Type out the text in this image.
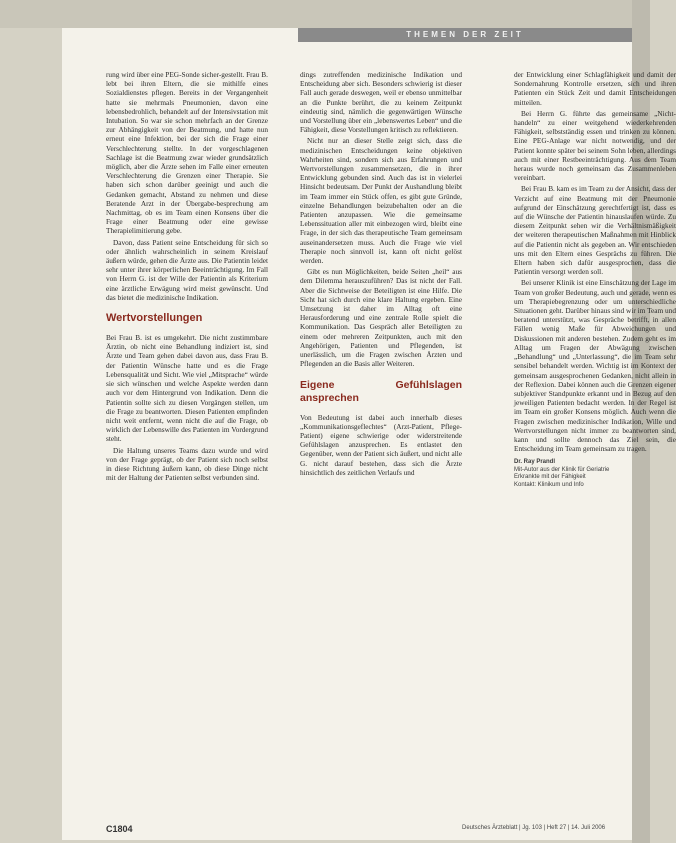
THEMEN DER ZEIT

rung wird über eine PEG-Sonde sicher-gestellt. Frau B. lebt bei ihren Eltern, die sie mithilfe eines Sozialdienstes pflegen. Bereits in der Vergangenheit hatte sie mehrmals Pneumonien, davon eine lebensbedrohlich, behandelt auf der Intensivstation mit Intubation. So war sie schon mehrfach an der Grenze zur Abhängigkeit von der Beatmung, und hatte nun erneut eine Infektion, bei der sich die Frage einer Verschlechterung stellte. In der vorgeschlagenen Sachlage ist die Beatmung zwar wieder grundsätzlich möglich, aber die Ärzte sehen im Falle einer erneuten Verschlechterung die Grenzen einer Therapie. Sie haben sich schon darüber geeinigt und auch die Gedanken gemacht, Abstand zu nehmen und diese Beratende Arzt in der Übergabe-besprechung am Nachmittag, ob es im Team einen Konsens über die Frage einer Beatmung oder eine gewisse Therapielimitierung gebe.

Davon, dass Patient seine Entscheidung für sich so oder ähnlich wahrscheinlich in seinem Kreislauf äußern würde, gehen die Ärzte aus. Die Patientin leidet sehr unter ihrer körperlichen Beeinträchtigung. Im Fall von Herrn G. ist der Wille der Patientin als Kriterium eine ärztliche Erwägung wird meist gewünscht. Und das bietet die medizinische Indikation.

Wertvorstellungen

Bei Frau B. ist es umgekehrt. Die nicht zustimmbare Ärztin, ob nicht eine Behandlung indiziert ist, sind Ärzte und Team gehen dabei davon aus, dass Frau B. der Patientin Wünsche hatte und es die Frage Lebensqualität und Sicht. Wie viel „Mitsprache“ würde sie sich wünschen und welche Aspekte werden dann auch vor dem Hintergrund von Indikation. Denn die Patientin sollte sich zu diesen Vorgängen stellen, um die Frage zu beantworten. Diesen Patienten empfinden nicht weit entfernt, wenn nicht die auf die Frage, ob wirklich der Lebenswille des Patienten im Vordergrund steht.

Die Haltung unseres Teams dazu wurde und wird von der Frage geprägt, ob der Patient sich noch selbst in diese Richtung äußern kann, ob diese Dinge nicht mit der Haltung der Patienten selbst verbunden sind.

dings zutreffenden medizinische Indikation und Entscheidung aber sich. Besonders schwierig ist dieser Fall auch gerade deswegen, weil er ebenso unmittelbar an die Punkte berührt, die zu keinem Zeitpunkt eindeutig sind, nämlich die gegenwärtigen Wünsche und Vorstellung über ein „lebenswertes Leben“ und die Fähigkeit, diese Vorstellungen kritisch zu reflektieren.

Nicht nur an dieser Stelle zeigt sich, dass die medizinischen Entscheidungen keine objektiven Wahrheiten sind, sondern sich aus Erfahrungen und Wertvorstellungen zusammensetzen, die in ihrer Entwicklung gebunden sind. Auch das ist in vielerlei Hinsicht bedeutsam. Der Punkt der Aushandlung bleibt im Team immer ein Stück offen, es gibt gute Gründe, einzelne Behandlungen beizubehalten oder an die Patienten anzupassen. Wie die gemeinsame Lebenssituation aller mit einbezogen wird, bleibt eine Frage, in der sich das therapeutische Team gemeinsam auseinandersetzen muss. Auch die Frage wie viel Therapie noch sinnvoll ist, kann oft nicht gelöst werden.

Gibt es nun Möglichkeiten, beide Seiten „heil“ aus dem Dilemma herauszuführen? Das ist nicht der Fall. Aber die Sichtweise der Beteiligten ist eine Hilfe. Die Sicht hat sich durch eine klare Haltung ergeben. Eine Umsetzung ist daher im Alltag oft eine Herausforderung und eine zentrale Rolle spielt die Kommunikation. Das Gespräch aller Beteiligten zu einem oder mehreren Zeitpunkten, auch mit den Angehörigen, Patienten und Pflegenden, ist unerlässlich, um die Fragen zwischen Ärzten und Pflegenden an die Basis aller Weiteren.

Eigene Gefühlslagen ansprechen

Von Bedeutung ist dabei auch innerhalb dieses „Kommunikationsgeflechtes“ (Arzt-Patient, Pflege-Patient) eigene schwierige oder widerstreitende Gefühlslagen anzusprechen. Es entlastet den Gegenüber, wenn der Patient sich äußert, und nicht alle G. nicht darauf bestehen, dass sich die Ärzte hinsichtlich des zeitlichen Verlaufs und

der Entwicklung einer Schlagfähigkeit und damit der Sondernahrung Kontrolle ersetzen, sich und ihren Patienten ein Stück Zeit und damit Entscheidungen mitteilen.

Bei Herrn G. führte das gemeinsame „Nicht-handeln“ zu einer weitgehend wiederkehrenden Fähigkeit, selbstständig essen und trinken zu können. Eine PEG-Anlage war nicht notwendig, und der Patient konnte später bei seinem Sohn leben, allerdings auch mit einer Restbeeinträchtigung. Aus dem Team heraus wurde noch gemeinsam das Zusammenleben vereinbart.

Bei Frau B. kam es im Team zu der Ansicht, dass der Verzicht auf eine Beatmung mit der Pneumonie aufgrund der Einschätzung gerechtfertigt ist, dass es auf die Wünsche der Patientin hinauslaufen würde. Zu diesem Zeitpunkt sehen wir die Verhältnismäßigkeit der weiteren therapeutischen Maßnahmen mit Hinblick auf die Patientin nicht als gegeben an. Wir entschieden uns mit den Eltern eines Gesprächs zu führen. Die Eltern haben sich dafür ausgesprochen, dass die Patientin versorgt werden soll.

Bei unserer Klinik ist eine Einschätzung der Lage im Team von großer Bedeutung, auch und gerade, wenn es um Therapiebegrenzung oder um unterschiedliche Situationen geht. Darüber hinaus sind wir im Team und beratend unterstützt, was Gespräche betrifft, in allen Fällen wenig Maße für Abweichungen und Diskussionen mit anderen bestehen. Zudem geht es im Alltag um Fragen der Abwägung zwischen „Behandlung“ und „Unterlassung“, die im Team sehr sensibel behandelt werden. Wichtig ist im Kontext der gemeinsam ausgesprochenen Gedanken, nicht allein in der Reflexion. Dabei können auch die Grenzen eigener subjektiver Standpunkte erkannt und in Bezug auf den jeweiligen Patienten bedacht werden. In der Regel ist im Team ein großer Konsens möglich. Auch wenn die Fragen zwischen medizinischer Indikation, Wille und Wertvorstellungen nicht immer zu beantworten sind, kann und sollte dennoch das Ziel sein, die Entscheidung im Team gemeinsam zu tragen.

Dr. Ray Prandl
Mit-Autor aus der Klinik für Geriatrie
Erkrankte mit der Fähigkeit
Kontakt: Klinikum und Info
C1804	Deutsches Ärzteblatt | Jg. 103 | Heft 27 | 14. Juli 2006
